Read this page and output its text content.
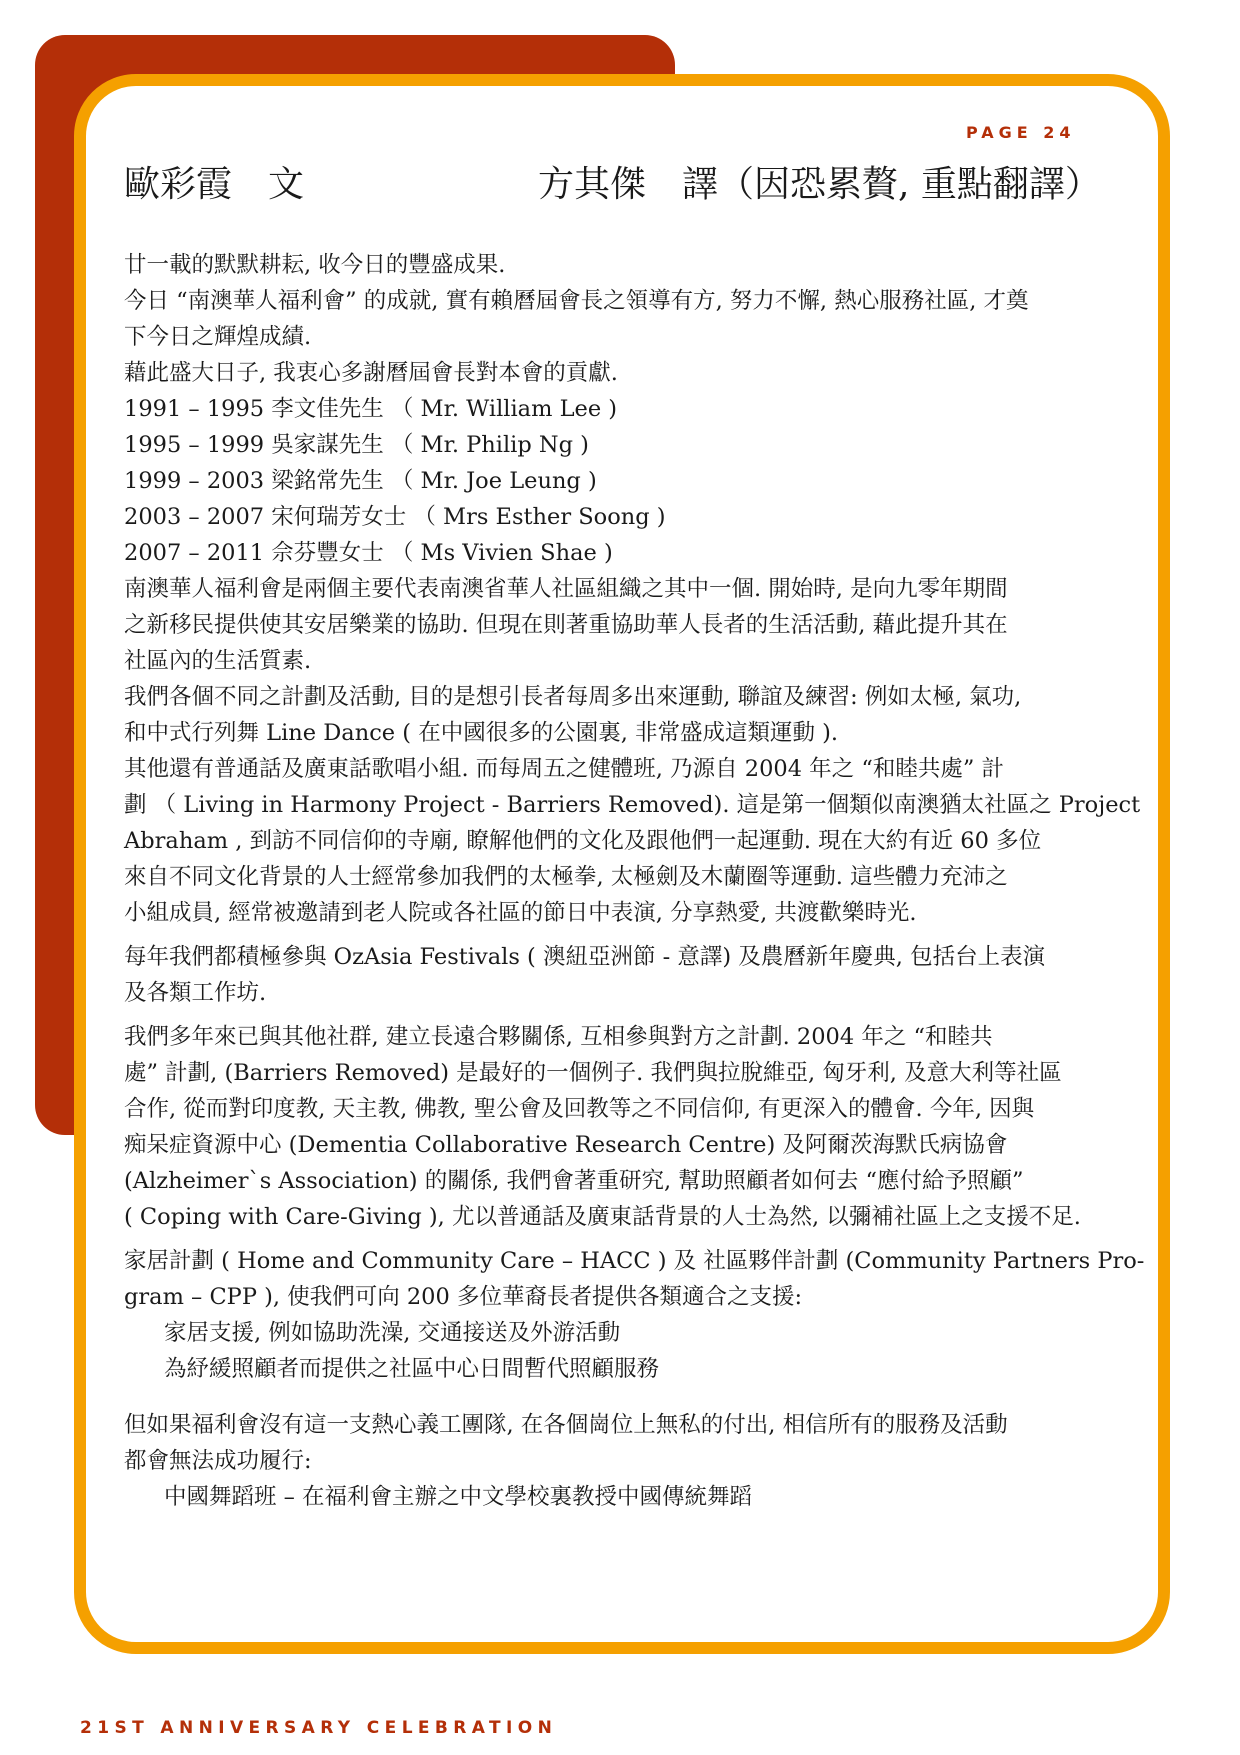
PAGE 24
歐彩霞　文	方其傑　譯（因恐累贅, 重點翻譯）
廿一載的默默耕耘, 收今日的豐盛成果.
今日 “南澳華人福利會” 的成就, 實有賴曆屆會長之領導有方, 努力不懈, 熱心服務社區, 才奠
下今日之輝煌成績.
藉此盛大日子, 我衷心多謝曆屆會長對本會的貢獻.
1991 – 1995 李文佳先生 （ Mr. William Lee )
1995 – 1999 吳家謀先生 （ Mr. Philip Ng )
1999 – 2003 梁銘常先生 （ Mr. Joe Leung )
2003 – 2007 宋何瑞芳女士 （ Mrs Esther Soong )
2007 – 2011 佘芬豐女士 （ Ms Vivien Shae )
南澳華人福利會是兩個主要代表南澳省華人社區組織之其中一個. 開始時, 是向九零年期間
之新移民提供使其安居樂業的協助. 但現在則著重協助華人長者的生活活動, 藉此提升其在
社區內的生活質素.
我們各個不同之計劃及活動, 目的是想引長者每周多出來運動, 聯誼及練習: 例如太極, 氣功,
和中式行列舞 Line Dance ( 在中國很多的公園裏, 非常盛成這類運動 ).
其他還有普通話及廣東話歌唱小組. 而每周五之健體班, 乃源自 2004 年之 “和睦共處” 計
劃 （ Living in Harmony Project - Barriers Removed). 這是第一個類似南澳猶太社區之 Project
Abraham , 到訪不同信仰的寺廟, 瞭解他們的文化及跟他們一起運動. 現在大約有近 60 多位
來自不同文化背景的人士經常參加我們的太極拳, 太極劍及木蘭圈等運動. 這些體力充沛之
小組成員, 經常被邀請到老人院或各社區的節日中表演, 分享熱愛, 共渡歡樂時光.
每年我們都積極參與 OzAsia Festivals ( 澳紐亞洲節 - 意譯) 及農曆新年慶典, 包括台上表演
及各類工作坊.
我們多年來已與其他社群, 建立長遠合夥關係, 互相參與對方之計劃. 2004 年之 “和睦共
處” 計劃, (Barriers Removed) 是最好的一個例子. 我們與拉脫維亞, 匈牙利, 及意大利等社區
合作, 從而對印度教, 天主教, 佛教, 聖公會及回教等之不同信仰, 有更深入的體會. 今年, 因與
痴呆症資源中心 (Dementia Collaborative Research Centre) 及阿爾茨海默氏病協會
(Alzheimer`s Association) 的關係, 我們會著重研究, 幫助照顧者如何去 “應付給予照顧”
( Coping with Care-Giving ), 尤以普通話及廣東話背景的人士為然, 以彌補社區上之支援不足.
家居計劃 ( Home and Community Care – HACC ) 及 社區夥伴計劃 (Community Partners Pro-
gram – CPP ), 使我們可向 200 多位華裔長者提供各類適合之支援:
家居支援, 例如協助洗澡, 交通接送及外游活動
為紓緩照顧者而提供之社區中心日間暫代照顧服務
但如果福利會沒有這一支熱心義工團隊, 在各個崗位上無私的付出, 相信所有的服務及活動
都會無法成功履行:
中國舞蹈班 – 在福利會主辦之中文學校裏教授中國傳統舞蹈
21ST ANNIVERSARY CELEBRATION
